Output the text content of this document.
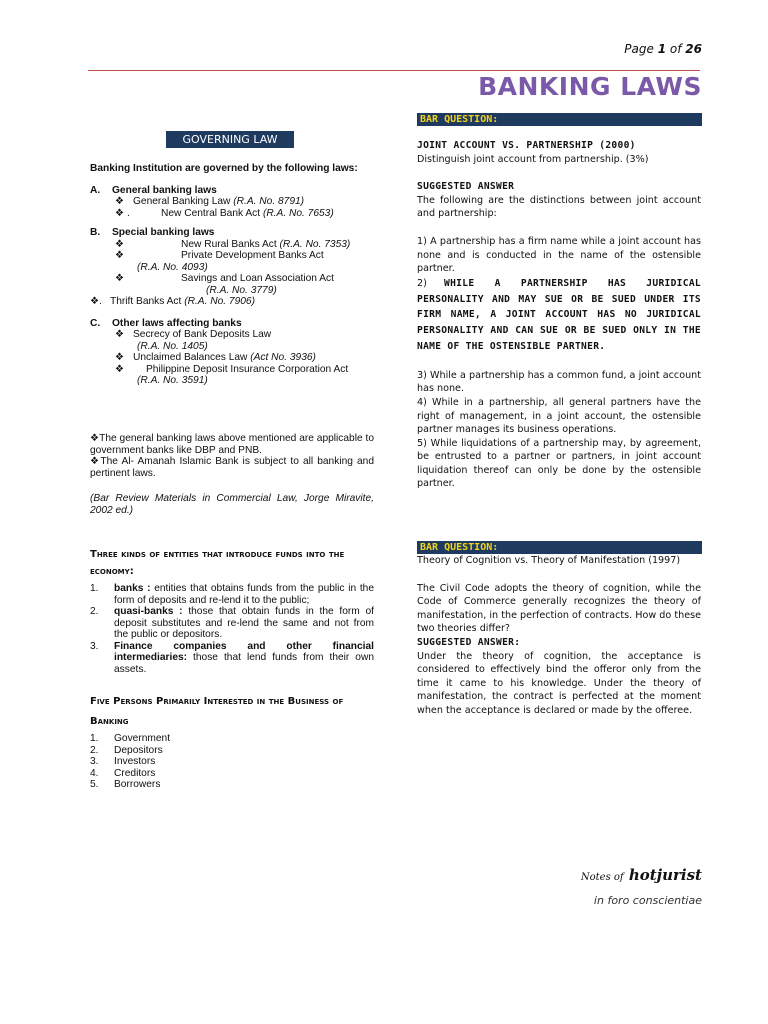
Page 1 of 26
BANKING LAWS
GOVERNING LAW
Banking Institution are governed by the following laws:
A. General banking laws
❖ General Banking Law (R.A. No. 8791)
❖ .	New Central Bank Act (R.A. No. 7653)
B. Special banking laws
❖	New Rural Banks Act (R.A. No. 7353)
❖	Private Development Banks Act
(R.A. No. 4093)
❖	Savings and Loan Association Act
(R.A. No. 3779)
❖. Thrift Banks Act (R.A. No. 7906)
C. Other laws affecting banks
❖ Secrecy of Bank Deposits Law
(R.A. No. 1405)
❖ Unclaimed Balances Law (Act No. 3936)
❖ Philippine Deposit Insurance Corporation Act
(R.A. No. 3591)
❖The general banking laws above mentioned are applicable to government banks like DBP and PNB.
❖The Al- Amanah Islamic Bank is subject to all banking and pertinent laws.
(Bar Review Materials in Commercial Law, Jorge Miravite, 2002 ed.)
Three kinds of entities that introduce funds into the economy:
1. banks : entities that obtains funds from the public in the form of deposits and re-lend it to the public;
2. quasi-banks : those that obtain funds in the form of deposit substitutes and re-lend the same and not from the public or depositors.
3. Finance companies and other financial intermediaries: those that lend funds from their own assets.
Five Persons Primarily Interested in the Business of Banking
1. Government
2. Depositors
3. Investors
4. Creditors
5. Borrowers
BAR QUESTION:
JOINT ACCOUNT VS. PARTNERSHIP (2000)
Distinguish joint account from partnership. (3%)
SUGGESTED ANSWER
The following are the distinctions between joint account and partnership:
1) A partnership has a firm name while a joint account has none and is conducted in the name of the ostensible partner.
2) WHILE A PARTNERSHIP HAS JURIDICAL PERSONALITY AND MAY SUE OR BE SUED UNDER ITS FIRM NAME, A JOINT ACCOUNT HAS NO JURIDICAL PERSONALITY AND CAN SUE OR BE SUED ONLY IN THE NAME OF THE OSTENSIBLE PARTNER.
3) While a partnership has a common fund, a joint account has none.
4) While in a partnership, all general partners have the right of management, in a joint account, the ostensible partner manages its business operations.
5) While liquidations of a partnership may, by agreement, be entrusted to a partner or partners, in joint account liquidation thereof can only be done by the ostensible partner.
BAR QUESTION:
Theory of Cognition vs. Theory of Manifestation (1997)
The Civil Code adopts the theory of cognition, while the Code of Commerce generally recognizes the theory of manifestation, in the perfection of contracts. How do these two theories differ?
SUGGESTED ANSWER:
Under the theory of cognition, the acceptance is considered to effectively bind the offeror only from the time it came to his knowledge. Under the theory of manifestation, the contract is perfected at the moment when the acceptance is declared or made by the offeree.
Notes of hotjurist
in foro conscientiae
